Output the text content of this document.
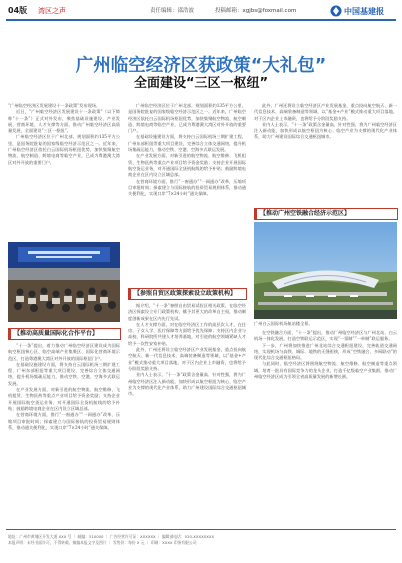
04版 湾区之声	责任编辑：邵浩波	投稿邮箱：xgjbs@foxmail.com	中国基建报
广州临空经济区获政策“大礼包”
全面建设“三区一枢纽”

“广州临空经济区发展建设十一条政策”发布现场。

近日，“广州临空经济区发展建设十一条政策”（以下简称“十一条”）正式对外发布，聚焦基础设施建设、产业发展、营商环境、人才支撑等方面，推动广州临空经济区高质量发展，全面建设“三区一枢纽”。

广州临空经济区位于广州北部，规划面积约135平方公里，是国务院批复的国家级临空经济示范区之一。近年来，广州临空经济区依托白云国际机场枢纽优势，加快集聚航空物流、航空制造、跨境电商等临空产业，已成为粤港澳大湾区对外开放的重要门户。

【推动高质量国际化合作平台】

“十一条”提出，着力推动广州临空经济区建设成为国际航空枢纽核心区、临空高端产业集聚区、国际化营商环境示范区，打造粤港澳大湾区对外开放的国际枢纽门户。

在基础设施建设方面，将支持白云国际机场三期扩建工程、广州东部枢纽等重大项目建设，完善综合立体交通网络，提升机场集疏运能力，推动空铁、空港、空海多式联运发展。

在产业发展方面，对新引进的航空物流、航空维修、飞机租赁、生物医药等重点产业项目给予资金奖励；支持企业开展国际航空货运业务，对开通国际全货机航线的给予补贴；鼓励跨境电商企业在区内设立区域总部。

在营商环境方面，推行“一窗通办”“一网通办”改革，压缩项目审批时间；探索建立与国际接轨的投资贸易规则体系，推动通关便利化，实现口岸“7×24小时”通关保障。

广州临空经济区位于广州北部，规划面积约135平方公里，是国务院批复的国家级临空经济示范区之一。近年来，广州临空经济区依托白云国际机场枢纽优势，加快集聚航空物流、航空制造、跨境电商等临空产业，已成为粤港澳大湾区对外开放的重要门户。

在基础设施建设方面，将支持白云国际机场三期扩建工程、广州东部枢纽等重大项目建设，完善综合立体交通网络，提升机场集疏运能力，推动空铁、空港、空海多式联运发展。

在产业发展方面，对新引进的航空物流、航空维修、飞机租赁、生物医药等重点产业项目给予资金奖励；支持企业开展国际航空货运业务，对开通国际全货机航线的给予补贴；鼓励跨境电商企业在区内设立区域总部。

在营商环境方面，推行“一窗通办”“一网通办”改革，压缩项目审批时间；探索建立与国际接轨的投资贸易规则体系，推动通关便利化，实现口岸“7×24小时”通关保障。

【参照自贸区政策探索设立政策机构】

据介绍，“十一条”参照自由贸易试验区相关政策，在临空经济区探索设立专门政策机构，赋予其更大的改革自主权，推动制度创新成果在区内先行先试。

在人才支撑方面，对在临空经济区工作的高层次人才，在住房、子女入学、医疗保障等方面给予优先保障；支持区内企业与高校、科研院所共建人才培养基地，对引进的航空领域紧缺人才给予一次性安家补贴。

此外，广州还将设立临空经济区产业发展基金，重点投向航空航天、新一代信息技术、高端装备制造等领域，以“基金+产业”模式推动重大项目落地。对于区内企业上市融资，也将给予分阶段奖励支持。

业内人士表示，“十一条”政策含金量高、针对性强，将为广州临空经济区注入新动能，加快形成以航空枢纽为核心、临空产业为支撑的现代化产业体系，助力广州建设国际综合交通枢纽城市。

此外，广州还将设立临空经济区产业发展基金，重点投向航空航天、新一代信息技术、高端装备制造等领域，以“基金+产业”模式推动重大项目落地。对于区内企业上市融资，也将给予分阶段奖励支持。

业内人士表示，“十一条”政策含金量高、针对性强，将为广州临空经济区注入新动能，加快形成以航空枢纽为核心、临空产业为支撑的现代化产业体系，助力广州建设国际综合交通枢纽城市。

【推动广州空铁融合经济示范区】
广州白云国际机场航站楼全景。

在空铁融合方面，“十一条”提出，推动广州临空经济区与广州北站、白云机场一体化发展，打造空铁联运示范区，实现“一票制”“一单制”联运服务。

下一步，广州将加快推进广州北站综合交通枢纽建设，完善轨道交通网络，实现机场与高铁、城际、地铁的无缝衔接，形成“空铁融合、多网联动”的现代化综合交通枢纽格局。

与此同时，临空经济区将围绕航空物流、航空维修、航空制造等重点领域，培育一批具有国际竞争力的龙头企业，打造千亿级临空产业集群，推动广州临空经济区成为引领全省高质量发展的新增长极。

地址：广州市黄埔区开发大道 XXX 号 ｜ 邮编：510000 ｜ 广告经营许可证：XXXXXX ｜ 编辑部电话：020-XXXXXXXX
本报声明：未经书面许可，不得转载、摘编本报文字及图片 ｜ 零售价：每份 X 元 ｜ 印刷：XXXX 印务有限公司
